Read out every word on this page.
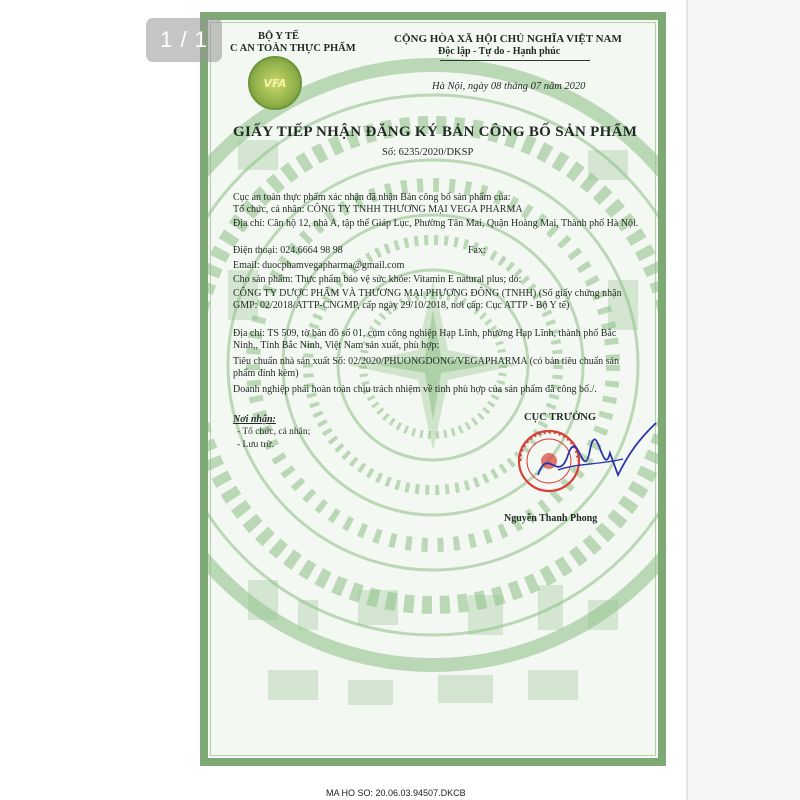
BỘ Y TẾ
C AN TOÀN THỰC PHẨM
VFA
CỘNG HÒA XÃ HỘI CHỦ NGHĨA VIỆT NAM
Độc lập - Tự do - Hạnh phúc
Hà Nội, ngày 08 tháng 07 năm 2020
GIẤY TIẾP NHẬN ĐĂNG KÝ BẢN CÔNG BỐ SẢN PHẨM
Số: 6235/2020/DKSP
Cục an toàn thực phẩm xác nhận đã nhận Bản công bố sản phẩm của:
Tổ chức, cá nhân: CÔNG TY TNHH THƯƠNG MẠI VEGA PHARMA
Địa chỉ: Căn hộ 12, nhà A, tập thể Giáp Lục, Phường Tân Mai, Quận Hoàng Mai, Thành phố Hà Nội.
Điện thoại: 024.6664 98 98	Fax:
Email: duocphamvegapharma@gmail.com
Cho sản phẩm: Thực phẩm bảo vệ sức khỏe: Vitamin E natural plus; do:
CÔNG TY DƯỢC PHẨM VÀ THƯƠNG MẠI PHƯƠNG ĐÔNG (TNHH) (Số giấy chứng nhận GMP: 02/2018/ATTP-CNGMP, cấp ngày 29/10/2018, nơi cấp: Cục ATTP - Bộ Y tế)
Địa chỉ: TS 509, tờ bản đồ số 01, cụm công nghiệp Hạp Lĩnh, phường Hạp Lĩnh, thành phố Bắc Ninh,, Tỉnh Bắc Ninh, Việt Nam sản xuất, phù hợp:
Tiêu chuẩn nhà sản xuất Số: 02/2020/PHUONGDONG/VEGAPHARMA (có bản tiêu chuẩn sản phẩm đính kèm)
Doanh nghiệp phải hoàn toàn chịu trách nhiệm về tính phù hợp của sản phẩm đã công bố./.
Nơi nhận:
- Tổ chức, cá nhân;
- Lưu trữ.
CỤC TRƯỞNG
Nguyễn Thanh Phong
1 / 1
MA HO SO: 20.06.03.94507.DKCB
